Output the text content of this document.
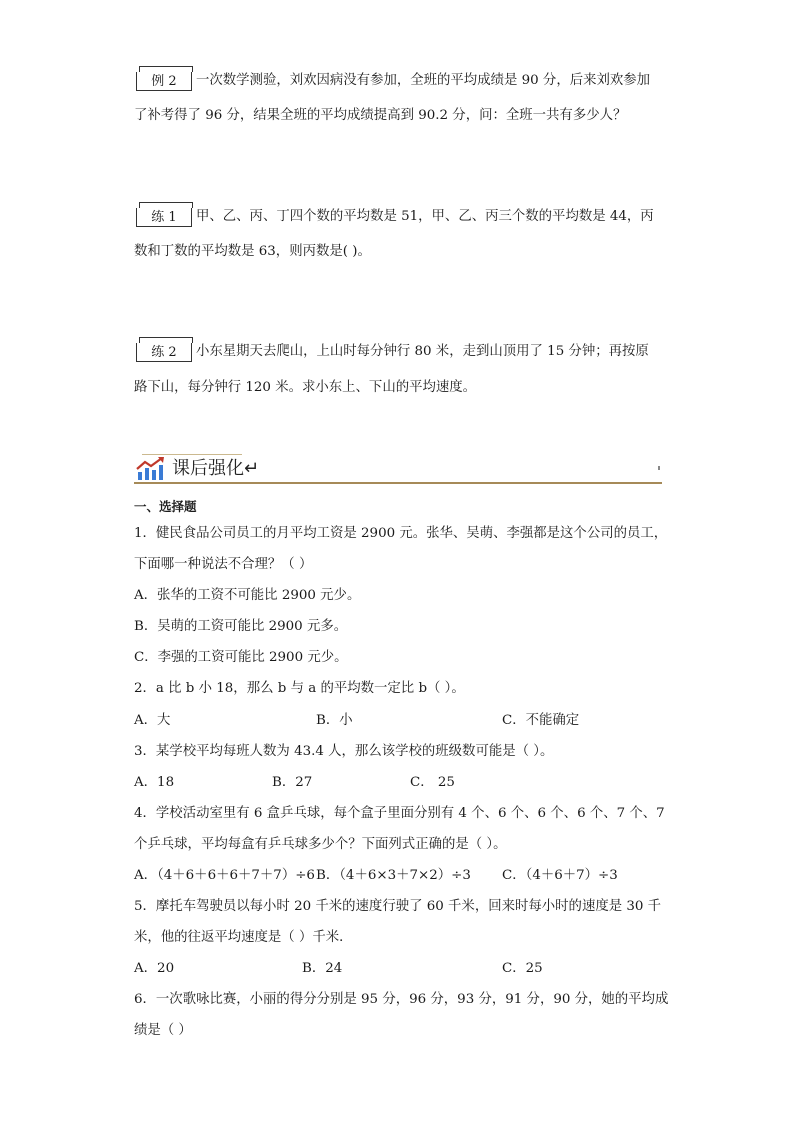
例 2	一次数学测验，刘欢因病没有参加，全班的平均成绩是 90 分，后来刘欢参加
了补考得了 96 分，结果全班的平均成绩提高到 90.2 分，问：全班一共有多少人？
练 1	甲、乙、丙、丁四个数的平均数是 51，甲、乙、丙三个数的平均数是 44，丙
数和丁数的平均数是 63，则丙数是( )。
练 2	小东星期天去爬山，上山时每分钟行 80 米，走到山顶用了 15 分钟；再按原
路下山，每分钟行 120 米。求小东上、下山的平均速度。
课后强化↵
一、选择题
1．健民食品公司员工的月平均工资是 2900 元。张华、吴萌、李强都是这个公司的员工，
下面哪一种说法不合理？（ ）
A．张华的工资不可能比 2900 元少。
B．吴萌的工资可能比 2900 元多。
C．李强的工资可能比 2900 元少。
2．a 比 b 小 18，那么 b 与 a 的平均数一定比 b（ ）。
A．大	B．小	C．不能确定
3．某学校平均每班人数为 43.4 人，那么该学校的班级数可能是（ ）。
A．18	B．27	C． 25
4．学校活动室里有 6 盒乒乓球，每个盒子里面分别有 4 个、6 个、6 个、6 个、7 个、7
个乒乓球，平均每盒有乒乓球多少个？下面列式正确的是（ ）。
A．（4＋6＋6＋6＋7＋7）÷6 B．（4＋6×3＋7×2）÷3 C．（4＋6＋7）÷3
5．摩托车驾驶员以每小时 20 千米的速度行驶了 60 千米，回来时每小时的速度是 30 千
米，他的往返平均速度是（ ）千米．
A．20	B．24	C．25
6．一次歌咏比赛，小丽的得分分别是 95 分，96 分，93 分，91 分，90 分，她的平均成
绩是（ ）
